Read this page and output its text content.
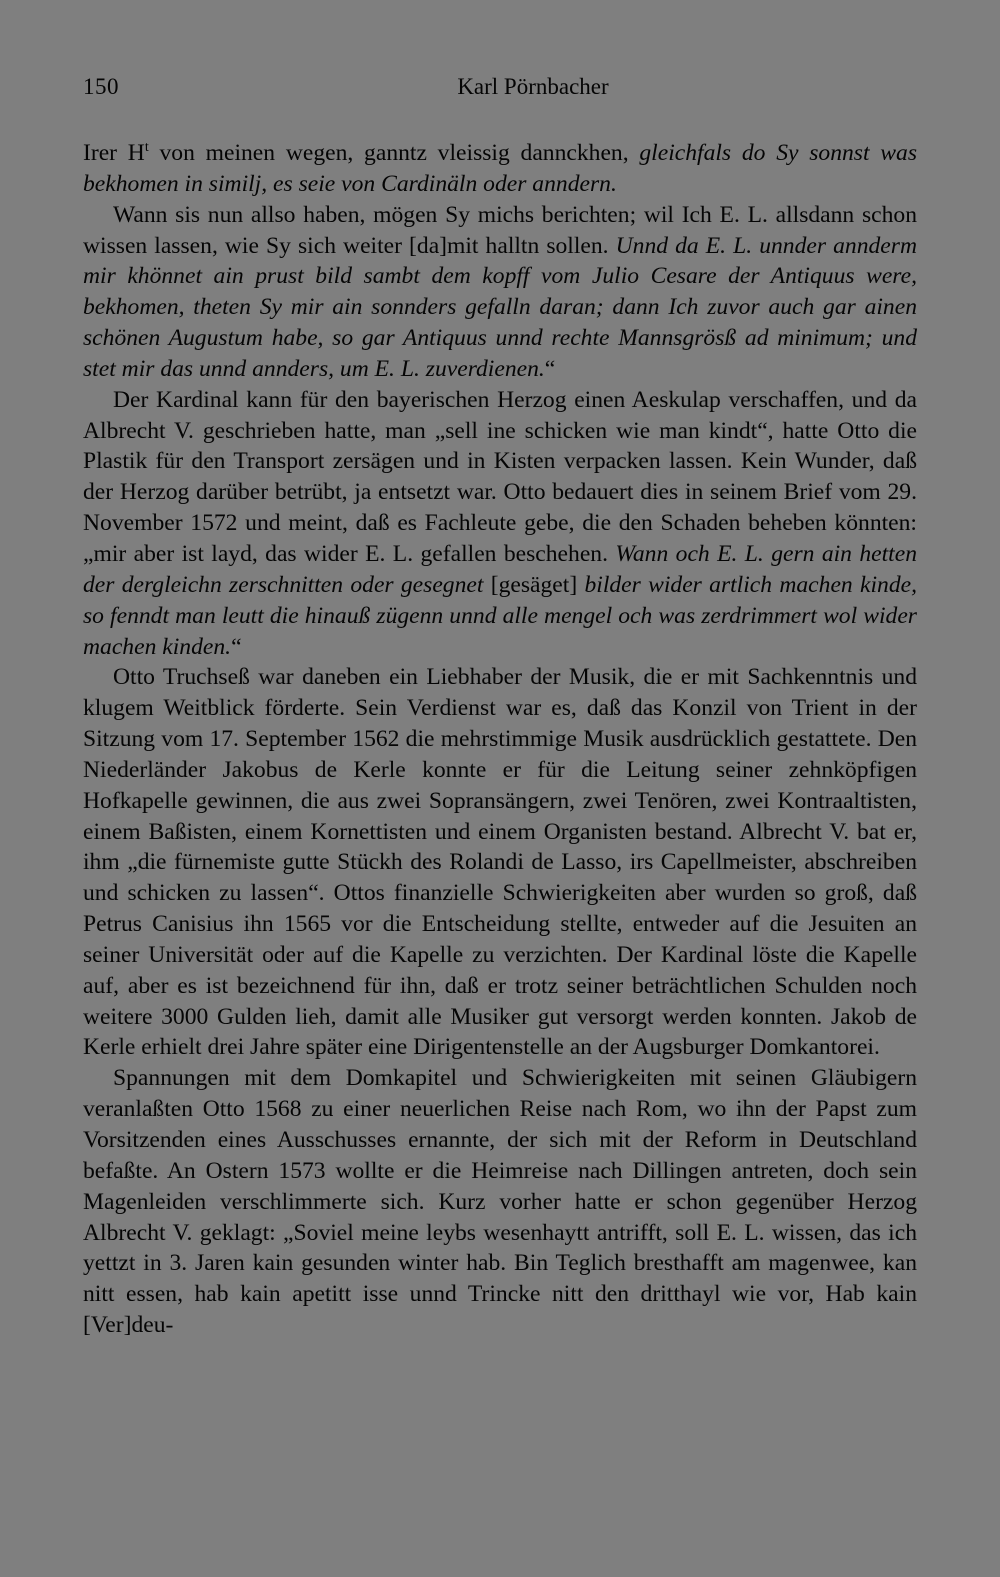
150	Karl Pörnbacher

Irer $H^t$ von meinen wegen, ganntz vleissig dannckhen, gleichfals do Sy sonnst was bekhomen in similj, es seie von Cardinäln oder anndern.

Wann sis nun allso haben, mögen Sy michs berichten; wil Ich E. L. allsdann schon wissen lassen, wie Sy sich weiter [da]mit halltn sollen. Unnd da E. L. unnder annderm mir khönnet ain prust bild sambt dem kopff vom Julio Cesare der Antiquus were, bekhomen, theten Sy mir ain sonnders gefalln daran; dann Ich zuvor auch gar ainen schönen Augustum habe, so gar Antiquus unnd rechte Mannsgrösß ad minimum; und stet mir das unnd annders, um E. L. zuverdienen.“

Der Kardinal kann für den bayerischen Herzog einen Aeskulap verschaffen, und da Albrecht V. geschrieben hatte, man „sell ine schicken wie man kindt“, hatte Otto die Plastik für den Transport zersägen und in Kisten verpacken lassen. Kein Wunder, daß der Herzog darüber betrübt, ja entsetzt war. Otto bedauert dies in seinem Brief vom 29. November 1572 und meint, daß es Fachleute gebe, die den Schaden beheben könnten: „mir aber ist layd, das wider E. L. gefallen beschehen. Wann och E. L. gern ain hetten der dergleichn zerschnitten oder gesegnet [gesäget] bilder wider artlich machen kinde, so fenndt man leutt die hinauß zügenn unnd alle mengel och was zerdrimmert wol wider machen kinden.“

Otto Truchseß war daneben ein Liebhaber der Musik, die er mit Sachkenntnis und klugem Weitblick förderte. Sein Verdienst war es, daß das Konzil von Trient in der Sitzung vom 17. September 1562 die mehrstimmige Musik ausdrücklich gestattete. Den Niederländer Jakobus de Kerle konnte er für die Leitung seiner zehnköpfigen Hofkapelle gewinnen, die aus zwei Sopransängern, zwei Tenören, zwei Kontraaltisten, einem Baßisten, einem Kornettisten und einem Organisten bestand. Albrecht V. bat er, ihm „die fürnemiste gutte Stückh des Rolandi de Lasso, irs Capellmeister, abschreiben und schicken zu lassen“. Ottos finanzielle Schwierigkeiten aber wurden so groß, daß Petrus Canisius ihn 1565 vor die Entscheidung stellte, entweder auf die Jesuiten an seiner Universität oder auf die Kapelle zu verzichten. Der Kardinal löste die Kapelle auf, aber es ist bezeichnend für ihn, daß er trotz seiner beträchtlichen Schulden noch weitere 3000 Gulden lieh, damit alle Musiker gut versorgt werden konnten. Jakob de Kerle erhielt drei Jahre später eine Dirigentenstelle an der Augsburger Domkantorei.

Spannungen mit dem Domkapitel und Schwierigkeiten mit seinen Gläubigern veranlaßten Otto 1568 zu einer neuerlichen Reise nach Rom, wo ihn der Papst zum Vorsitzenden eines Ausschusses ernannte, der sich mit der Reform in Deutschland befaßte. An Ostern 1573 wollte er die Heimreise nach Dillingen antreten, doch sein Magenleiden verschlimmerte sich. Kurz vorher hatte er schon gegenüber Herzog Albrecht V. geklagt: „Soviel meine leybs wesenhaytt antrifft, soll E. L. wissen, das ich yettzt in 3. Jaren kain gesunden winter hab. Bin Teglich bresthafft am magenwee, kan nitt essen, hab kain apetitt isse unnd Trincke nitt den dritthayl wie vor, Hab kain [Ver]deu-
